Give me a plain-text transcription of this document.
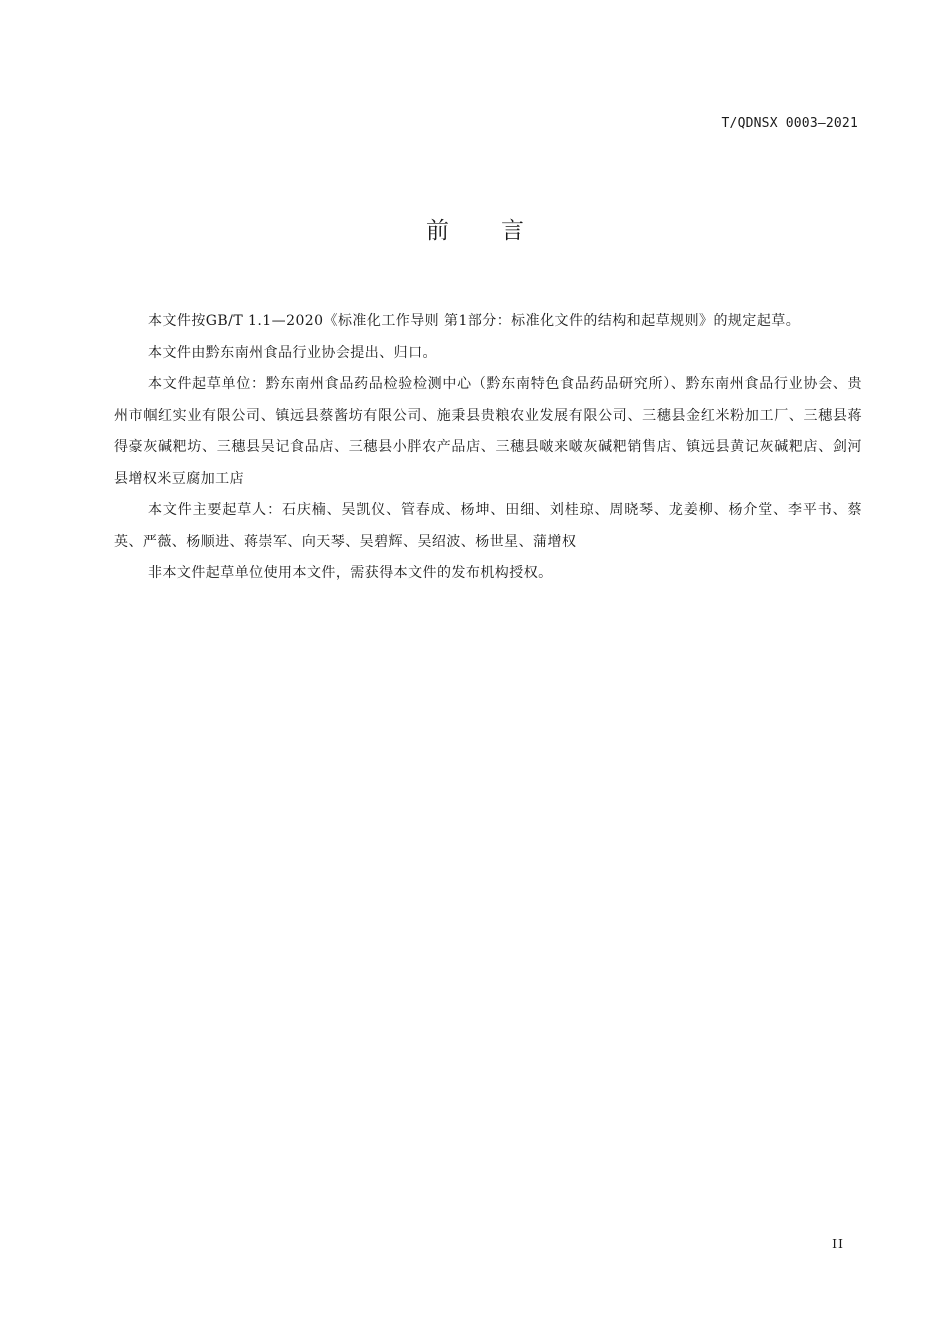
T/QDNSX 0003—2021
前 言

本文件按GB/T 1.1—2020《标准化工作导则 第1部分：标准化文件的结构和起草规则》的规定起草。

本文件由黔东南州食品行业协会提出、归口。

本文件起草单位：黔东南州食品药品检验检测中心（黔东南特色食品药品研究所）、黔东南州食品行业协会、贵州市帼红实业有限公司、镇远县蔡酱坊有限公司、施秉县贵粮农业发展有限公司、三穗县金红米粉加工厂、三穗县蒋得豪灰碱粑坊、三穗县吴记食品店、三穗县小胖农产品店、三穗县啵来啵灰碱粑销售店、镇远县黄记灰碱粑店、剑河县增权米豆腐加工店

本文件主要起草人：石庆楠、吴凯仪、管春成、杨坤、田细、刘桂琼、周晓琴、龙姜柳、杨介堂、李平书、蔡英、严薇、杨顺进、蒋崇军、向天琴、吴碧辉、吴绍波、杨世星、蒲增权

非本文件起草单位使用本文件，需获得本文件的发布机构授权。

II
